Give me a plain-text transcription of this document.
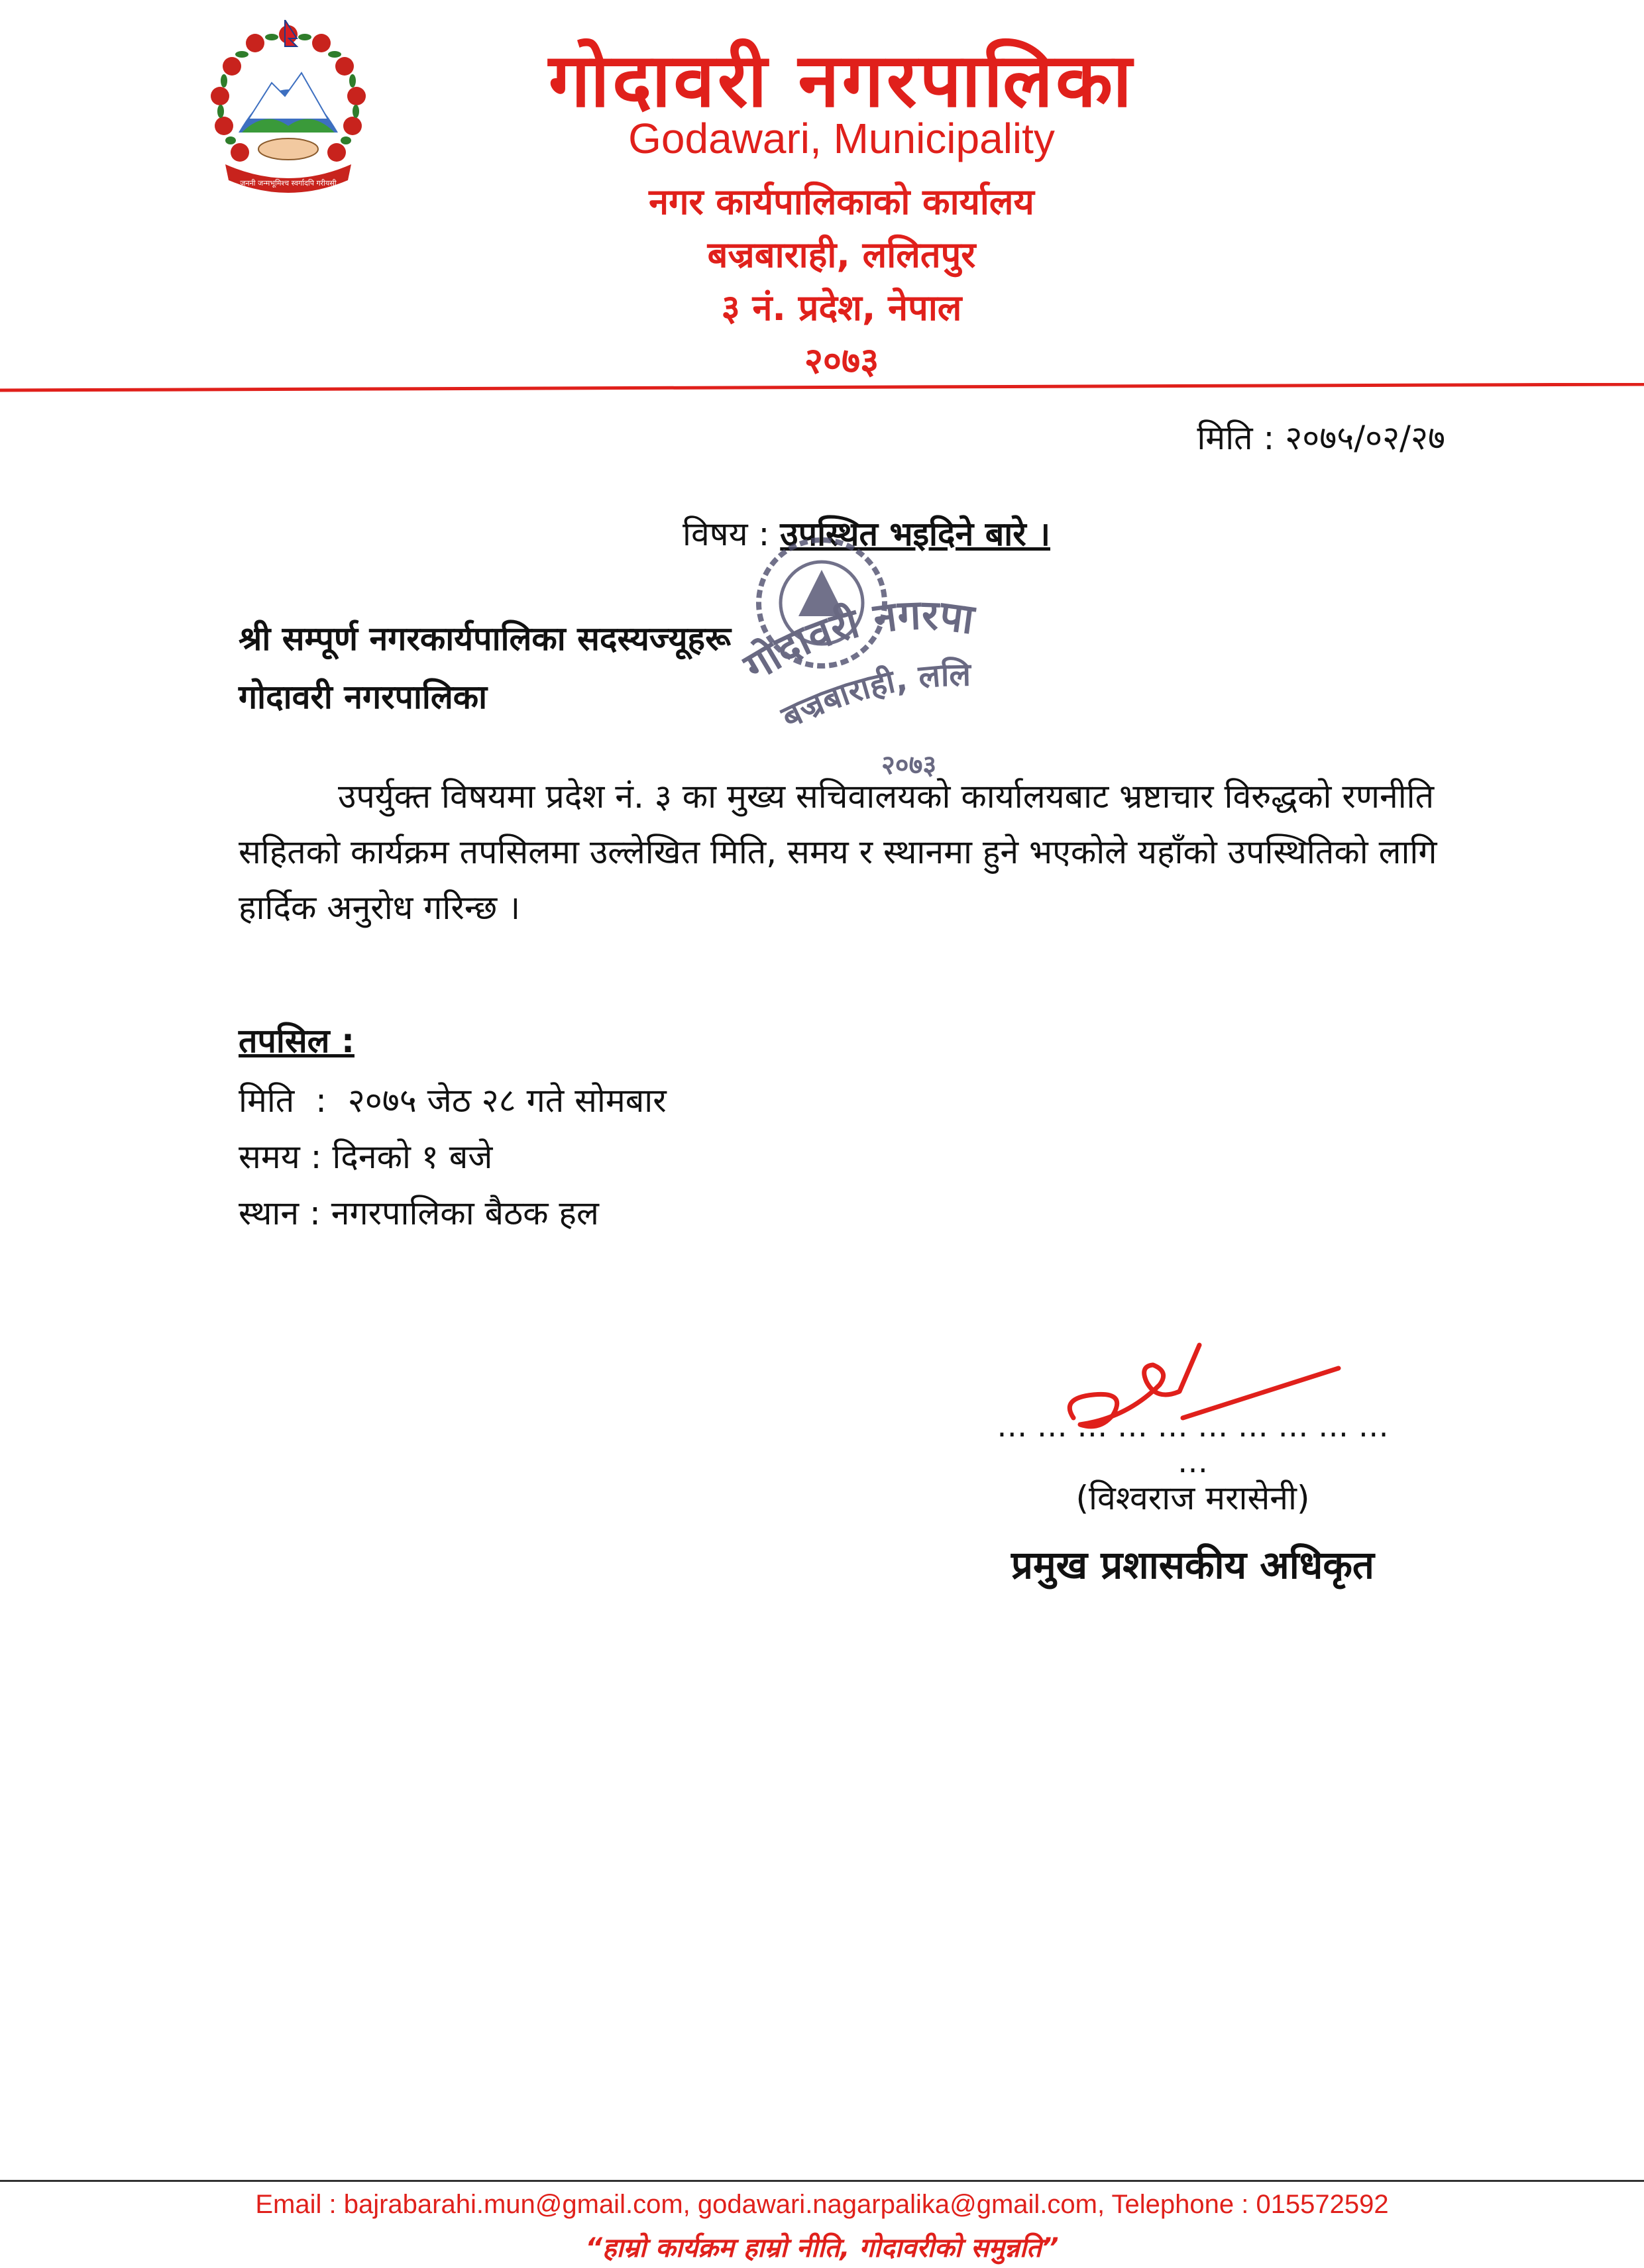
जननी जन्मभूमिश्च स्वर्गादपि गरीयसी
गोदावरी नगरपालिका
Godawari, Municipality
नगर कार्यपालिकाको कार्यालय
बज्रबाराही, ललितपुर
३ नं. प्रदेश, नेपाल
२०७३
मिति : २०७५/०२/२७
विषय : उपस्थित भइदिने बारे ।
गोदावरी नगरपा
बज्रबाराही, ललि
२०७३
श्री सम्पूर्ण नगरकार्यपालिका सदस्यज्यूहरू
गोदावरी नगरपालिका

उपर्युक्त विषयमा प्रदेश नं. ३ का मुख्य सचिवालयको कार्यालयबाट भ्रष्टाचार विरुद्धको रणनीति सहितको कार्यक्रम तपसिलमा उल्लेखित मिति, समय र स्थानमा हुने भएकोले यहाँको उपस्थितिको लागि हार्दिक अनुरोध गरिन्छ ।

तपसिल :
मिति  : २०७५ जेठ २८ गते सोमबार
समय : दिनको १ बजे
स्थान : नगरपालिका बैठक हल
… … … … … … … … … … …
(विश्वराज मरासेनी)
प्रमुख प्रशासकीय अधिकृत
Email : bajrabarahi.mun@gmail.com, godawari.nagarpalika@gmail.com, Telephone : 015572592
“हाम्रो कार्यक्रम हाम्रो नीति, गोदावरीको समुन्नति”
